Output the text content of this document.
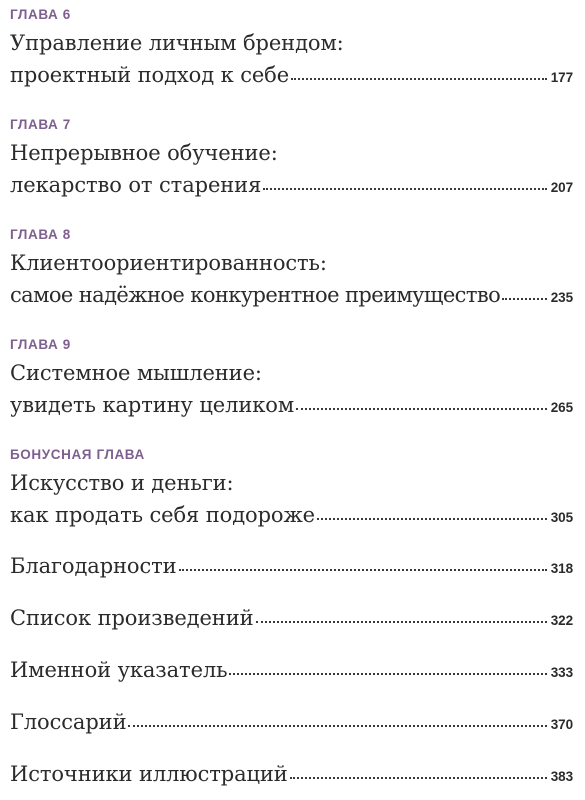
ГЛАВА 6
Управление личным брендом:
проектный подход к себе	177
ГЛАВА 7
Непрерывное обучение:
лекарство от старения	207
ГЛАВА 8
Клиентоориентированность:
самое надёжное конкурентное преимущество	235
ГЛАВА 9
Системное мышление:
увидеть картину целиком	265
БОНУСНАЯ ГЛАВА
Искусство и деньги:
как продать себя подороже	305
Благодарности	318
Список произведений	322
Именной указатель	333
Глоссарий	370
Источники иллюстраций	383
